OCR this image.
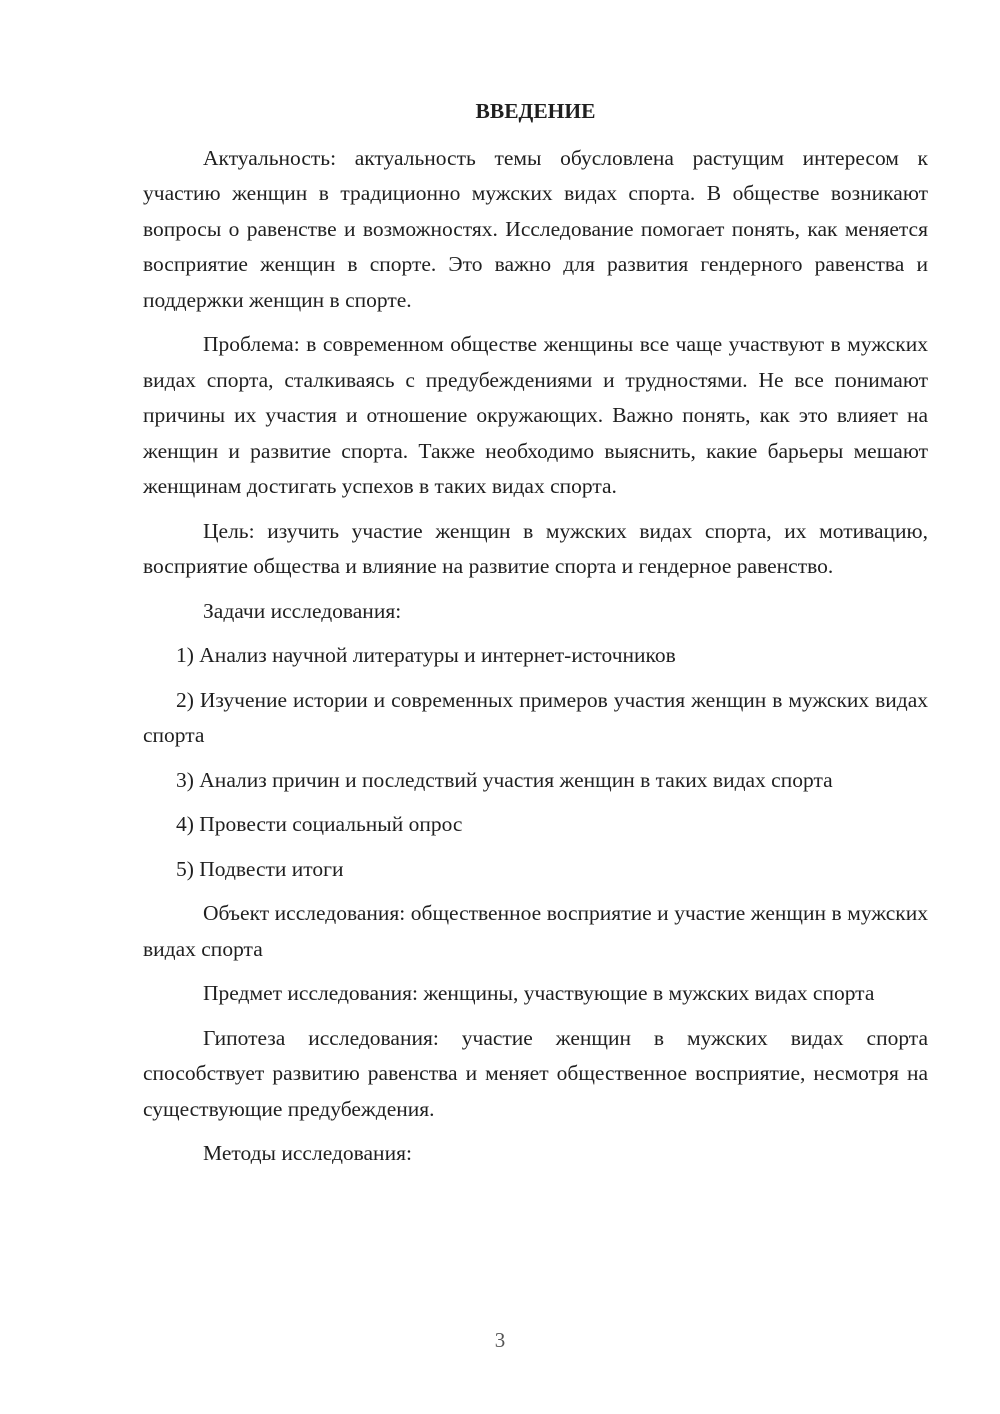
ВВЕДЕНИЕ

Актуальность: актуальность темы обусловлена растущим интересом к участию женщин в традиционно мужских видах спорта. В обществе возникают вопросы о равенстве и возможностях. Исследование помогает понять, как меняется восприятие женщин в спорте. Это важно для развития гендерного равенства и поддержки женщин в спорте.

Проблема: в современном обществе женщины все чаще участвуют в мужских видах спорта, сталкиваясь с предубеждениями и трудностями. Не все понимают причины их участия и отношение окружающих. Важно понять, как это влияет на женщин и развитие спорта. Также необходимо выяснить, какие барьеры мешают женщинам достигать успехов в таких видах спорта.

Цель: изучить участие женщин в мужских видах спорта, их мотивацию, восприятие общества и влияние на развитие спорта и гендерное равенство.

Задачи исследования:

1) Анализ научной литературы и интернет-источников
2) Изучение истории и современных примеров участия женщин в мужских видах спорта
3) Анализ причин и последствий участия женщин в таких видах спорта
4) Провести социальный опрос
5) Подвести итоги

Объект исследования: общественное восприятие и участие женщин в мужских видах спорта

Предмет исследования: женщины, участвующие в мужских видах спорта

Гипотеза исследования: участие женщин в мужских видах спорта способствует развитию равенства и меняет общественное восприятие, несмотря на существующие предубеждения.

Методы исследования:

3
